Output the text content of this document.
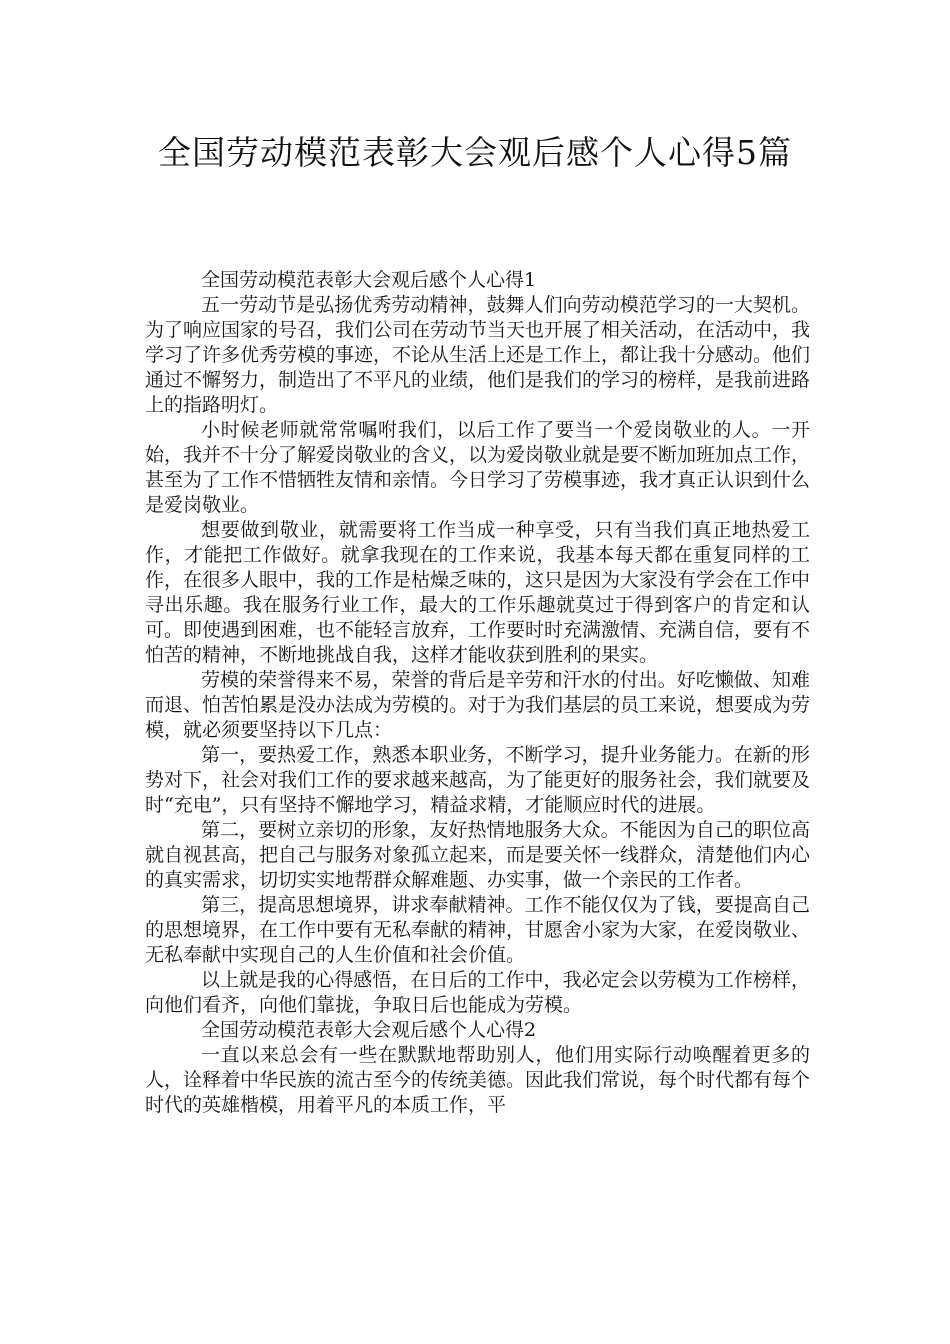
全国劳动模范表彰大会观后感个人心得5篇

全国劳动模范表彰大会观后感个人心得1

五一劳动节是弘扬优秀劳动精神，鼓舞人们向劳动模范学习的一大契机。为了响应国家的号召，我们公司在劳动节当天也开展了相关活动，在活动中，我学习了许多优秀劳模的事迹，不论从生活上还是工作上，都让我十分感动。他们通过不懈努力，制造出了不平凡的业绩，他们是我们的学习的榜样，是我前进路上的指路明灯。

小时候老师就常常嘱咐我们，以后工作了要当一个爱岗敬业的人。一开始，我并不十分了解爱岗敬业的含义，以为爱岗敬业就是要不断加班加点工作，甚至为了工作不惜牺牲友情和亲情。今日学习了劳模事迹，我才真正认识到什么是爱岗敬业。

想要做到敬业，就需要将工作当成一种享受，只有当我们真正地热爱工作，才能把工作做好。就拿我现在的工作来说，我基本每天都在重复同样的工作，在很多人眼中，我的工作是枯燥乏味的，这只是因为大家没有学会在工作中寻出乐趣。我在服务行业工作，最大的工作乐趣就莫过于得到客户的肯定和认可。即使遇到困难，也不能轻言放弃，工作要时时充满激情、充满自信，要有不怕苦的精神，不断地挑战自我，这样才能收获到胜利的果实。

劳模的荣誉得来不易，荣誉的背后是辛劳和汗水的付出。好吃懒做、知难而退、怕苦怕累是没办法成为劳模的。对于为我们基层的员工来说，想要成为劳模，就必须要坚持以下几点：

第一，要热爱工作，熟悉本职业务，不断学习，提升业务能力。在新的形势对下，社会对我们工作的要求越来越高，为了能更好的服务社会，我们就要及时“充电”，只有坚持不懈地学习，精益求精，才能顺应时代的进展。

第二，要树立亲切的形象，友好热情地服务大众。不能因为自己的职位高就自视甚高，把自己与服务对象孤立起来，而是要关怀一线群众，清楚他们内心的真实需求，切切实实地帮群众解难题、办实事，做一个亲民的工作者。

第三，提高思想境界，讲求奉献精神。工作不能仅仅为了钱，要提高自己的思想境界，在工作中要有无私奉献的精神，甘愿舍小家为大家，在爱岗敬业、无私奉献中实现自己的人生价值和社会价值。

以上就是我的心得感悟，在日后的工作中，我必定会以劳模为工作榜样，向他们看齐，向他们靠拢，争取日后也能成为劳模。

全国劳动模范表彰大会观后感个人心得2

一直以来总会有一些在默默地帮助别人，他们用实际行动唤醒着更多的人，诠释着中华民族的流古至今的传统美德。因此我们常说，每个时代都有每个时代的英雄楷模，用着平凡的本质工作，平
